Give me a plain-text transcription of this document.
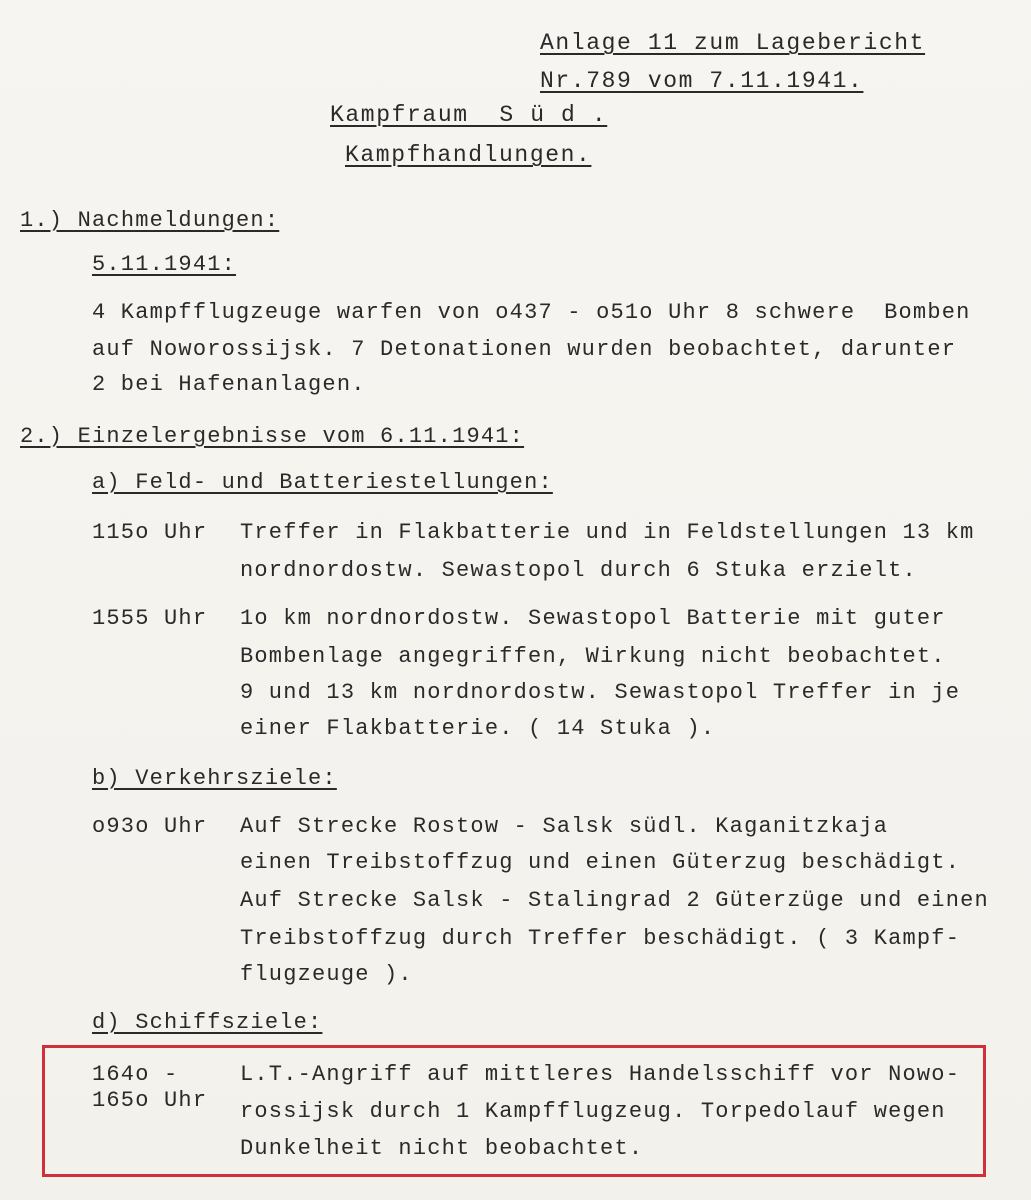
Anlage 11 zum Lagebericht
Nr.789 vom 7.11.1941.
Kampfraum  S ü d .
Kampfhandlungen.
1.) Nachmeldungen:
5.11.1941:
4 Kampfflugzeuge warfen von o437 - o51o Uhr 8 schwere  Bomben
auf Noworossijsk. 7 Detonationen wurden beobachtet, darunter
2 bei Hafenanlagen.
2.) Einzelergebnisse vom 6.11.1941:
a) Feld- und Batteriestellungen:
115o Uhr Treffer in Flakbatterie und in Feldstellungen 13 km
nordnordostw. Sewastopol durch 6 Stuka erzielt.
1555 Uhr 1o km nordnordostw. Sewastopol Batterie mit guter
Bombenlage angegriffen, Wirkung nicht beobachtet.
9 und 13 km nordnordostw. Sewastopol Treffer in je
einer Flakbatterie. ( 14 Stuka ).
b) Verkehrsziele:
o93o Uhr Auf Strecke Rostow - Salsk südl. Kaganitzkaja
einen Treibstoffzug und einen Güterzug beschädigt.
Auf Strecke Salsk - Stalingrad 2 Güterzüge und einen
Treibstoffzug durch Treffer beschädigt. ( 3 Kampf-
flugzeuge ).
d) Schiffsziele:
164o -
165o Uhr
L.T.-Angriff auf mittleres Handelsschiff vor Nowo-
rossijsk durch 1 Kampfflugzeug. Torpedolauf wegen
Dunkelheit nicht beobachtet.
